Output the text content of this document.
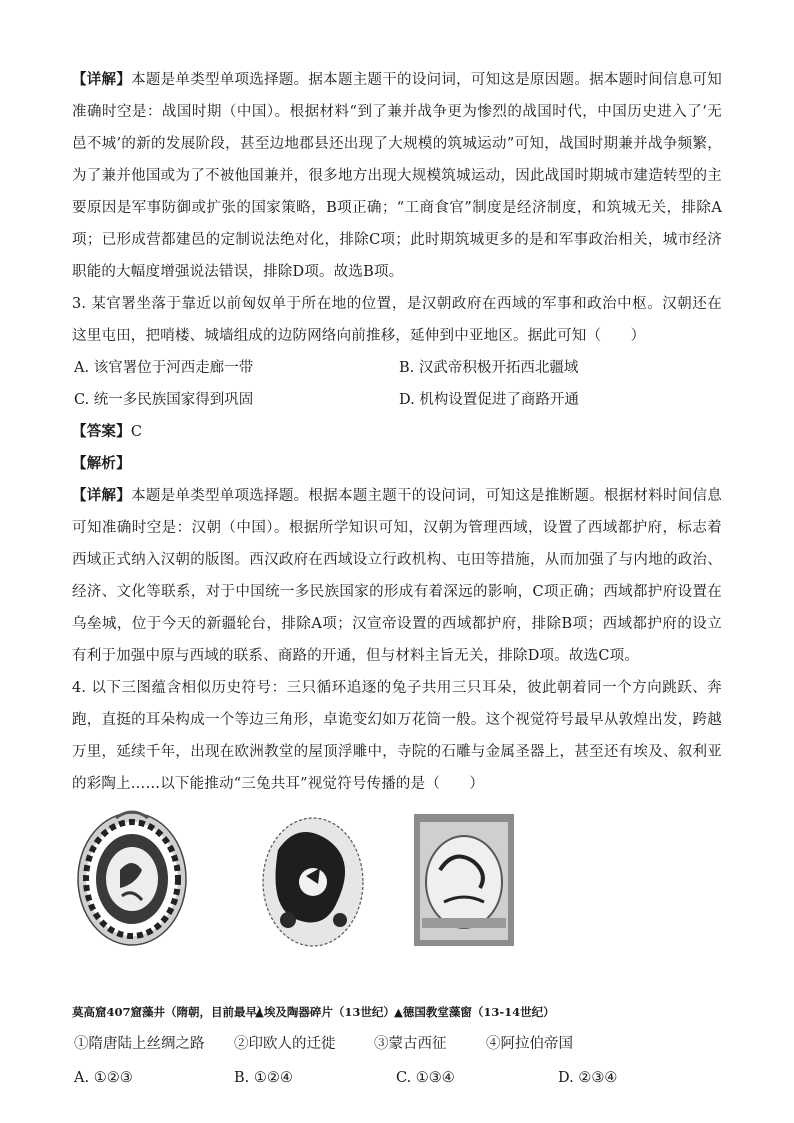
【详解】本题是单类型单项选择题。据本题主题干的设问词，可知这是原因题。据本题时间信息可知准确时空是：战国时期（中国）。根据材料“到了兼并战争更为惨烈的战国时代，中国历史进入了‘无邑不城’的新的发展阶段，甚至边地郡县还出现了大规模的筑城运动”可知，战国时期兼并战争频繁，为了兼并他国或为了不被他国兼并，很多地方出现大规模筑城运动，因此战国时期城市建造转型的主要原因是军事防御或扩张的国家策略，B项正确；“工商食官”制度是经济制度，和筑城无关，排除A项；已形成营都建邑的定制说法绝对化，排除C项；此时期筑城更多的是和军事政治相关，城市经济职能的大幅度增强说法错误，排除D项。故选B项。

3. 某官署坐落于靠近以前匈奴单于所在地的位置，是汉朝政府在西域的军事和政治中枢。汉朝还在这里屯田，把哨楼、城墙组成的边防网络向前推移，延伸到中亚地区。据此可知（　　）

A. 该官署位于河西走廊一带	B. 汉武帝积极开拓西北疆域
C. 统一多民族国家得到巩固	D. 机构设置促进了商路开通

【答案】C

【解析】

【详解】本题是单类型单项选择题。根据本题主题干的设问词，可知这是推断题。根据材料时间信息可知准确时空是：汉朝（中国）。根据所学知识可知，汉朝为管理西域，设置了西域都护府，标志着西域正式纳入汉朝的版图。西汉政府在西域设立行政机构、屯田等措施，从而加强了与内地的政治、经济、文化等联系，对于中国统一多民族国家的形成有着深远的影响，C项正确；西域都护府设置在乌垒城，位于今天的新疆轮台，排除A项；汉宣帝设置的西域都护府，排除B项；西域都护府的设立有利于加强中原与西域的联系、商路的开通，但与材料主旨无关，排除D项。故选C项。

4. 以下三图蕴含相似历史符号：三只循环追逐的兔子共用三只耳朵，彼此朝着同一个方向跳跃、奔跑，直挺的耳朵构成一个等边三角形，卓诡变幻如万花筒一般。这个视觉符号最早从敦煌出发，跨越万里，延续千年，出现在欧洲教堂的屋顶浮雕中，寺院的石雕与金属圣器上，甚至还有埃及、叙利亚的彩陶上……以下能推动“三兔共耳”视觉符号传播的是（　　）

莫高窟407窟藻井（隋朝，目前最早）
▲埃及陶器碎片（13世纪） ▲德国教堂藻窗（13-14世纪）
①隋唐陆上丝绸之路	②印欧人的迁徙	③蒙古西征	④阿拉伯帝国
A. ①②③	B. ①②④	C. ①③④	D. ②③④
